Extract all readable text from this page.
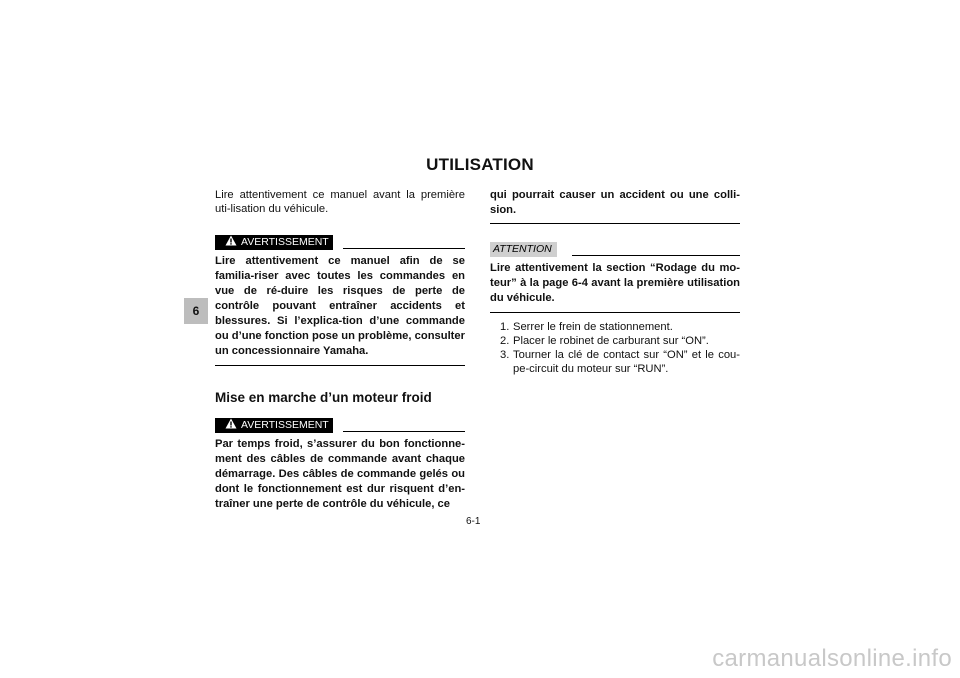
UTILISATION
6

Lire attentivement ce manuel avant la première uti-lisation du véhicule.

AVERTISSEMENT

Lire attentivement ce manuel afin de se familia-riser avec toutes les commandes en vue de ré-duire les risques de perte de contrôle pouvant entraîner accidents et blessures. Si l’explica-tion d’une commande ou d’une fonction pose un problème, consulter un concessionnaire Yamaha.

Mise en marche d’un moteur froid
AVERTISSEMENT

Par temps froid, s’assurer du bon fonctionne-ment des câbles de commande avant chaque démarrage. Des câbles de commande gelés ou dont le fonctionnement est dur risquent d’en-traîner une perte de contrôle du véhicule, ce

qui pourrait causer un accident ou une colli-sion.

ATTENTION

Lire attentivement la section “Rodage du mo-teur” à la page 6-4 avant la première utilisation du véhicule.

1. Serrer le frein de stationnement.
2. Placer le robinet de carburant sur “ON”.
3. Tourner la clé de contact sur “ON” et le cou-pe-circuit du moteur sur “RUN”.
6-1
carmanualsonline.info
